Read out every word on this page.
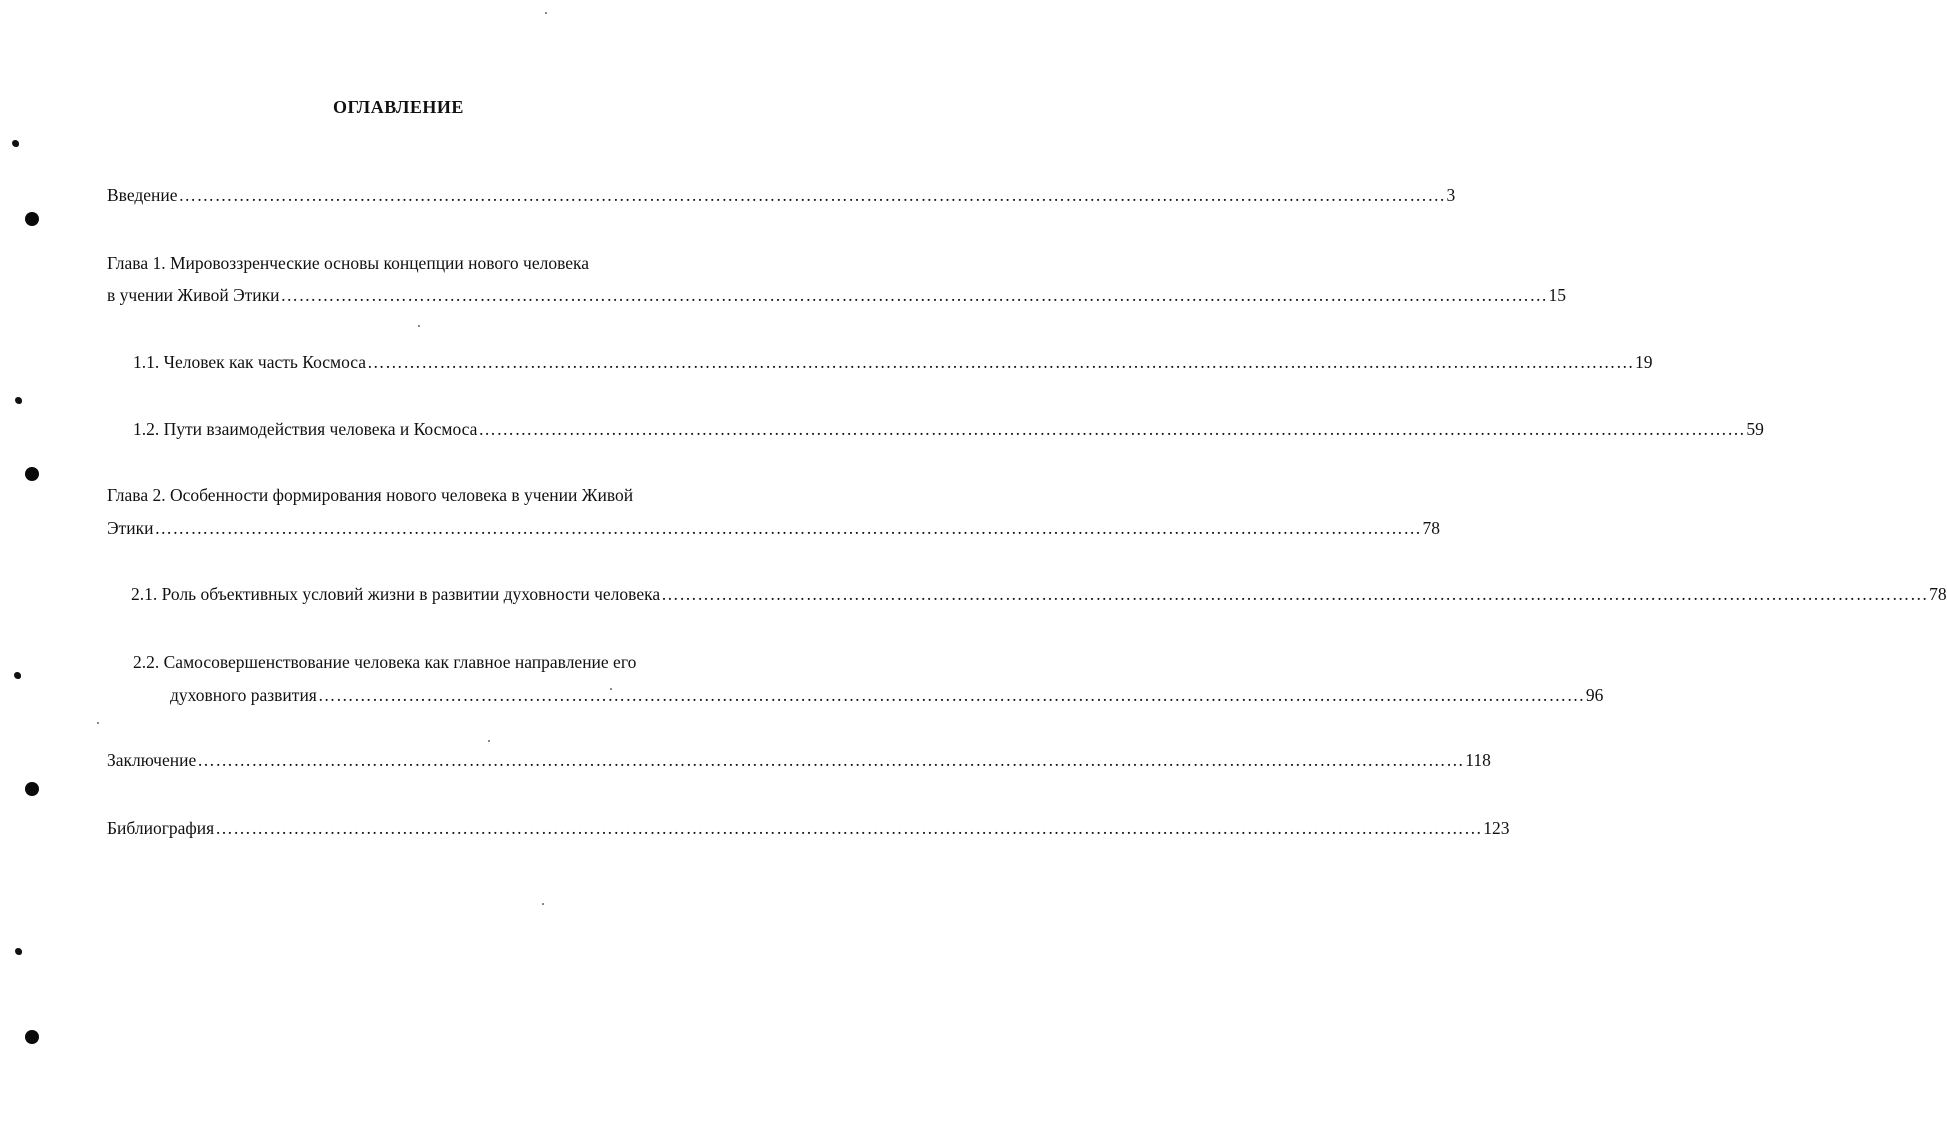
ОГЛАВЛЕНИЕ
Введение ………………………………………………………………………………………………………………………………………………………………………………………… 3
Глава 1. Мировоззренческие основы концепции нового человека
в учении Живой Этики ………………………………………………………………………………………………………………………………………………………………………………………… 15
1.1. Человек как часть Космоса ………………………………………………………………………………………………………………………………………………………………………………………… 19
1.2. Пути взаимодействия человека и Космоса ………………………………………………………………………………………………………………………………………………………………………………………… 59
Глава 2. Особенности формирования нового человека в учении Живой
Этики ………………………………………………………………………………………………………………………………………………………………………………………… 78
2.1. Роль объективных условий жизни в развитии духовности человека ………………………………………………………………………………………………………………………………………………………………………………………… 78
2.2. Самосовершенствование человека как главное направление его
духовного развития ………………………………………………………………………………………………………………………………………………………………………………………… 96
Заключение ………………………………………………………………………………………………………………………………………………………………………………………… 118
Библиография ………………………………………………………………………………………………………………………………………………………………………………………… 123
